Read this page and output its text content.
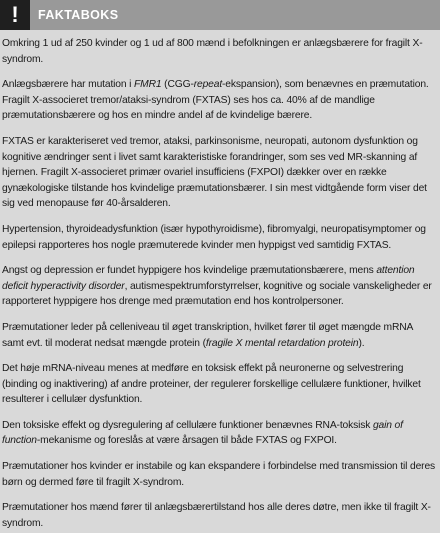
!	FAKTABOKS

Omkring 1 ud af 250 kvinder og 1 ud af 800 mænd i befolkningen er anlægsbærere for fragilt X-syndrom.

Anlægsbærere har mutation i FMR1 (CGG-repeat-ekspansion), som benævnes en præmutation. Fragilt X-associeret tremor/ataksi-syndrom (FXTAS) ses hos ca. 40% af de mandlige præmutationsbærere og hos en mindre andel af de kvindelige bærere.

FXTAS er karakteriseret ved tremor, ataksi, parkinsonisme, neuropati, autonom dysfunktion og kognitive ændringer sent i livet samt karakteristiske forandringer, som ses ved MR-skanning af hjernen. Fragilt X-associeret primær ovariel insufficiens (FXPOI) dækker over en række gynækologiske tilstande hos kvindelige præmutationsbærer. I sin mest vidtgående form viser det sig ved menopause før 40-årsalderen.

Hypertension, thyroideadysfunktion (især hypothyroidisme), fibromyalgi, neuropatisymptomer og epilepsi rapporteres hos nogle præmuterede kvinder men hyppigst ved samtidig FXTAS.

Angst og depression er fundet hyppigere hos kvindelige præmutationsbærere, mens attention deficit hyperactivity disorder, autismespektrumforstyrrelser, kognitive og sociale vanskeligheder er rapporteret hyppigere hos drenge med præmutation end hos kontrolpersoner.

Præmutationer leder på celleniveau til øget transkription, hvilket fører til øget mængde mRNA samt evt. til moderat nedsat mængde protein (fragile X mental retardation protein).

Det høje mRNA-niveau menes at medføre en toksisk effekt på neuronerne og selvestrering (binding og inaktivering) af andre proteiner, der regulerer forskellige cellulære funktioner, hvilket resulterer i cellulær dysfunktion.

Den toksiske effekt og dysregulering af cellulære funktioner benævnes RNA-toksisk gain of function-mekanisme og foreslås at være årsagen til både FXTAS og FXPOI.

Præmutationer hos kvinder er instabile og kan ekspandere i forbindelse med transmission til deres børn og dermed føre til fragilt X-syndrom.

Præmutationer hos mænd fører til anlægsbærertilstand hos alle deres døtre, men ikke til fragilt X-syndrom.
